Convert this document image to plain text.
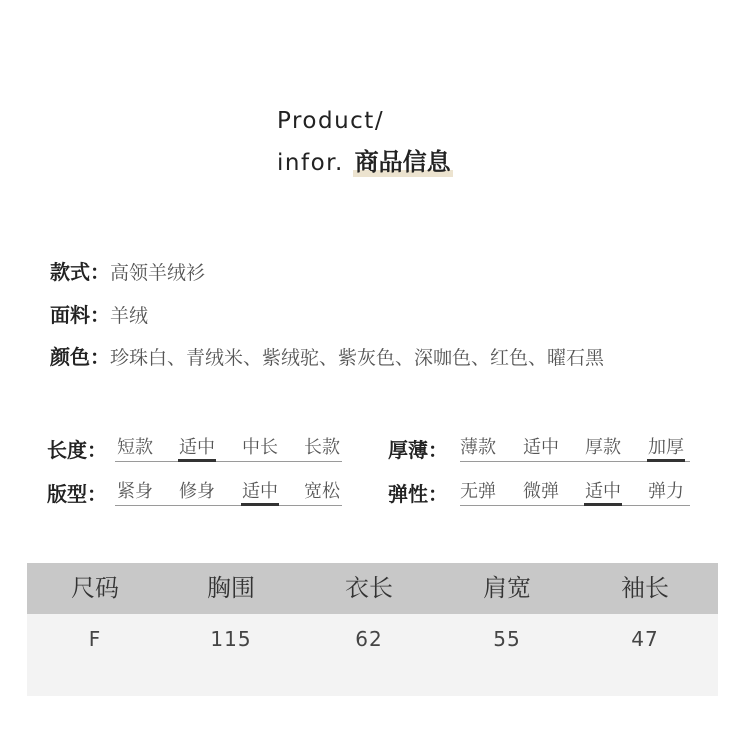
Product/
infor. 商品信息
款式：高领羊绒衫
面料：羊绒
颜色：珍珠白、青绒米、紫绒驼、紫灰色、深咖色、红色、曜石黑
长度： 短款 适中 中长 长款 厚薄： 薄款 适中 厚款 加厚
版型： 紧身 修身 适中 宽松 弹性： 无弹 微弹 适中 弹力
尺码	胸围	衣长	肩宽	袖长
F	115	62	55	47
